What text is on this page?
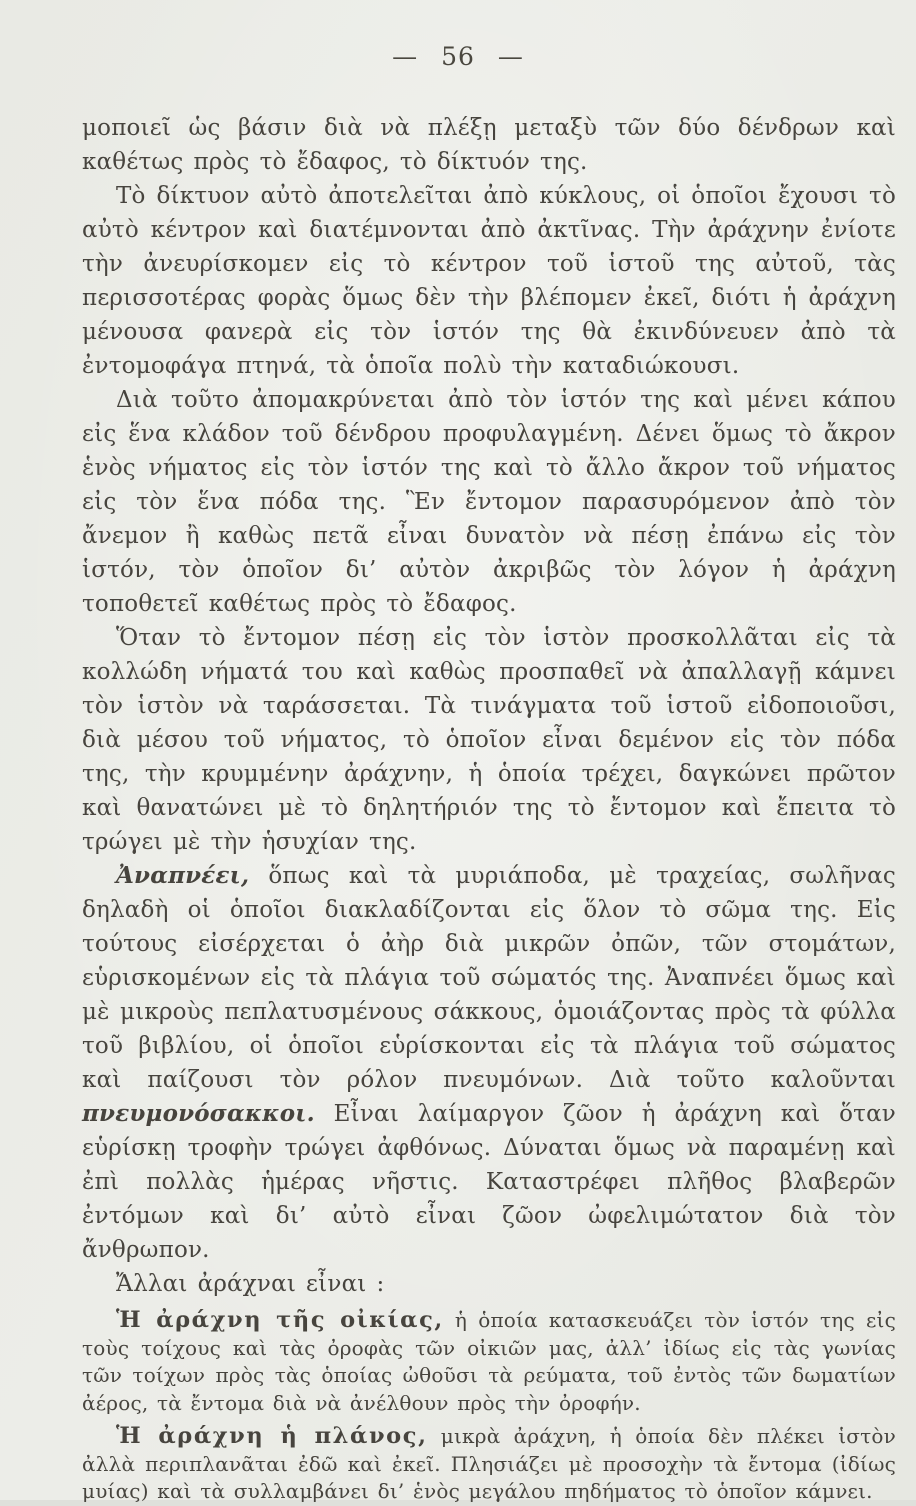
— 56 —

μοποιεῖ ὡς βάσιν διὰ νὰ πλέξῃ μεταξὺ τῶν δύο δένδρων καὶ καθέτως πρὸς τὸ ἔδαφος, τὸ δίκτυόν της.

Τὸ δίκτυον αὐτὸ ἀποτελεῖται ἀπὸ κύκλους, οἱ ὁποῖοι ἔχουσι τὸ αὐτὸ κέντρον καὶ διατέμνονται ἀπὸ ἀκτῖνας. Τὴν ἀράχνην ἐνίοτε τὴν ἀνευρίσκομεν εἰς τὸ κέντρον τοῦ ἱστοῦ της αὐτοῦ, τὰς περισσοτέρας φορὰς ὅμως δὲν τὴν βλέπομεν ἐκεῖ, διότι ἡ ἀράχνη μένουσα φανερὰ εἰς τὸν ἱστόν της θὰ ἐκινδύνευεν ἀπὸ τὰ ἐντομοφάγα πτηνά, τὰ ὁποῖα πολὺ τὴν καταδιώκουσι.

Διὰ τοῦτο ἀπομακρύνεται ἀπὸ τὸν ἱστόν της καὶ μένει κάπου εἰς ἕνα κλάδον τοῦ δένδρου προφυλαγμένη. Δένει ὅμως τὸ ἄκρον ἑνὸς νήματος εἰς τὸν ἱστόν της καὶ τὸ ἄλλο ἄκρον τοῦ νήματος εἰς τὸν ἕνα πόδα της. Ἓν ἔντομον παρασυρόμενον ἀπὸ τὸν ἄνεμον ἢ καθὼς πετᾶ εἶναι δυνατὸν νὰ πέσῃ ἐπάνω εἰς τὸν ἱστόν, τὸν ὁποῖον δι’ αὐτὸν ἀκριβῶς τὸν λόγον ἡ ἀράχνη τοποθετεῖ καθέτως πρὸς τὸ ἔδαφος.

Ὅταν τὸ ἔντομον πέσῃ εἰς τὸν ἱστὸν προσκολλᾶται εἰς τὰ κολλώδη νήματά του καὶ καθὼς προσπαθεῖ νὰ ἀπαλλαγῇ κάμνει τὸν ἱστὸν νὰ ταράσσεται. Τὰ τινάγματα τοῦ ἱστοῦ εἰδοποιοῦσι, διὰ μέσου τοῦ νήματος, τὸ ὁποῖον εἶναι δεμένον εἰς τὸν πόδα της, τὴν κρυμμένην ἀράχνην, ἡ ὁποία τρέχει, δαγκώνει πρῶτον καὶ θανατώνει μὲ τὸ δηλητήριόν της τὸ ἔντομον καὶ ἔπειτα τὸ τρώγει μὲ τὴν ἡσυχίαν της.

Ἀναπνέει, ὅπως καὶ τὰ μυριάποδα, μὲ τραχείας, σωλῆνας δηλαδὴ οἱ ὁποῖοι διακλαδίζονται εἰς ὅλον τὸ σῶμα της. Εἰς τούτους εἰσέρχεται ὁ ἀὴρ διὰ μικρῶν ὀπῶν, τῶν στομάτων, εὑρισκομένων εἰς τὰ πλάγια τοῦ σώματός της. Ἀναπνέει ὅμως καὶ μὲ μικροὺς πεπλατυσμένους σάκκους, ὁμοιάζοντας πρὸς τὰ φύλλα τοῦ βιβλίου, οἱ ὁποῖοι εὑρίσκονται εἰς τὰ πλάγια τοῦ σώματος καὶ παίζουσι τὸν ρόλον πνευμόνων. Διὰ τοῦτο καλοῦνται πνευμονόσακκοι. Εἶναι λαίμαργον ζῶον ἡ ἀράχνη καὶ ὅταν εὑρίσκῃ τροφὴν τρώγει ἀφθόνως. Δύναται ὅμως νὰ παραμένῃ καὶ ἐπὶ πολλὰς ἡμέρας νῆστις. Καταστρέφει πλῆθος βλαβερῶν ἐντόμων καὶ δι’ αὐτὸ εἶναι ζῶον ὠφελιμώτατον διὰ τὸν ἄνθρωπον.

Ἄλλαι ἀράχναι εἶναι :

Ἡ ἀράχνη τῆς οἰκίας, ἡ ὁποία κατασκευάζει τὸν ἱστόν της εἰς τοὺς τοίχους καὶ τὰς ὀροφὰς τῶν οἰκιῶν μας, ἀλλ’ ἰδίως εἰς τὰς γωνίας τῶν τοίχων πρὸς τὰς ὁποίας ὠθοῦσι τὰ ρεύματα, τοῦ ἐντὸς τῶν δωματίων ἀέρος, τὰ ἔντομα διὰ νὰ ἀνέλθουν πρὸς τὴν ὀροφήν.

Ἡ ἀράχνη ἡ πλάνος, μικρὰ ἀράχνη, ἡ ὁποία δὲν πλέκει ἱστὸν ἀλλὰ περιπλανᾶται ἐδῶ καὶ ἐκεῖ. Πλησιάζει μὲ προσοχὴν τὰ ἔντομα (ἰδίως μυίας) καὶ τὰ συλλαμβάνει δι’ ἑνὸς μεγάλου πηδήματος τὸ ὁποῖον κάμνει.
